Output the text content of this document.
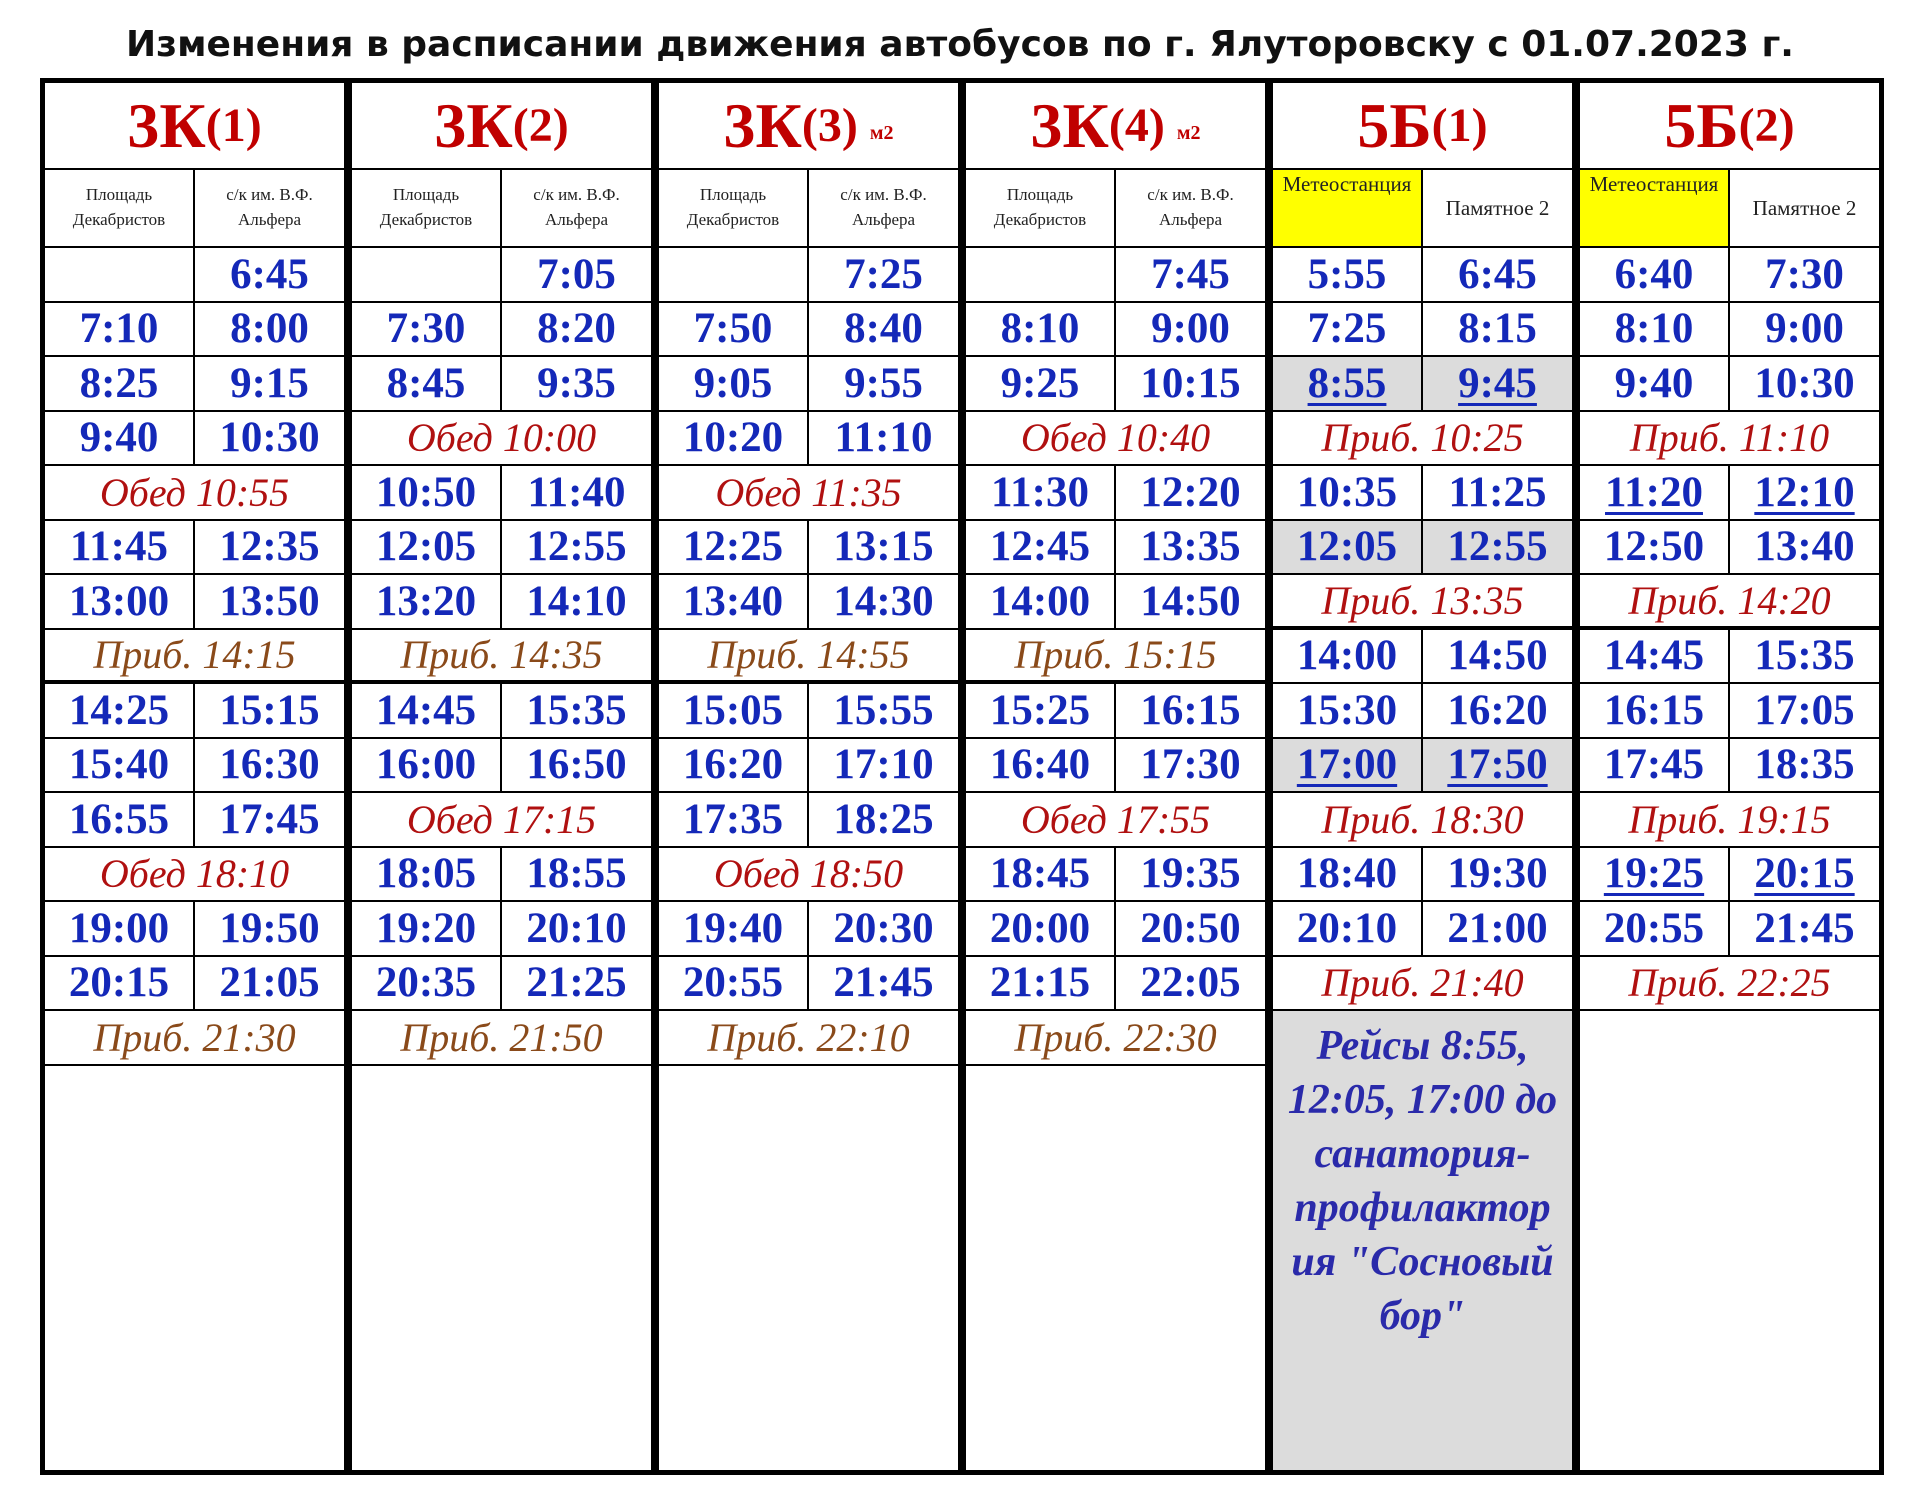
Изменения в расписании движения автобусов по г. Ялуторовску с 01.07.2023 г.
3К (1)
Площадь Декабристов
с/к им. В.Ф. Альфера
6:45
7:10 8:00
8:25 9:15
9:40 10:30
Обед 10:55
11:45 12:35
13:00 13:50
Приб. 14:15
14:25 15:15
15:40 16:30
16:55 17:45
Обед 18:10
19:00 19:50
20:15 21:05
Приб. 21:30
3К (2)
Площадь Декабристов
с/к им. В.Ф. Альфера
7:05
7:30 8:20
8:45 9:35
Обед 10:00
10:50 11:40
12:05 12:55
13:20 14:10
Приб. 14:35
14:45 15:35
16:00 16:50
Обед 17:15
18:05 18:55
19:20 20:10
20:35 21:25
Приб. 21:50
3К (3) м2
Площадь Декабристов
с/к им. В.Ф. Альфера
7:25
7:50 8:40
9:05 9:55
10:20 11:10
Обед 11:35
12:25 13:15
13:40 14:30
Приб. 14:55
15:05 15:55
16:20 17:10
17:35 18:25
Обед 18:50
19:40 20:30
20:55 21:45
Приб. 22:10
3К (4) м2
Площадь Декабристов
с/к им. В.Ф. Альфера
7:45
8:10 9:00
9:25 10:15
Обед 10:40
11:30 12:20
12:45 13:35
14:00 14:50
Приб. 15:15
15:25 16:15
16:40 17:30
Обед 17:55
18:45 19:35
20:00 20:50
21:15 22:05
Приб. 22:30
5Б (1)
Метеостанция
Памятное 2
5:55 6:45
7:25 8:15
8:55 9:45
Приб. 10:25
10:35 11:25
12:05 12:55
Приб. 13:35
14:00 14:50
15:30 16:20
17:00 17:50
Приб. 18:30
18:40 19:30
20:10 21:00
Приб. 21:40
Рейсы 8:55, 12:05, 17:00 до санатория-профилактория "Сосновый бор"
5Б (2)
Метеостанция
Памятное 2
6:40 7:30
8:10 9:00
9:40 10:30
Приб. 11:10
11:20 12:10
12:50 13:40
Приб. 14:20
14:45 15:35
16:15 17:05
17:45 18:35
Приб. 19:15
19:25 20:15
20:55 21:45
Приб. 22:25
